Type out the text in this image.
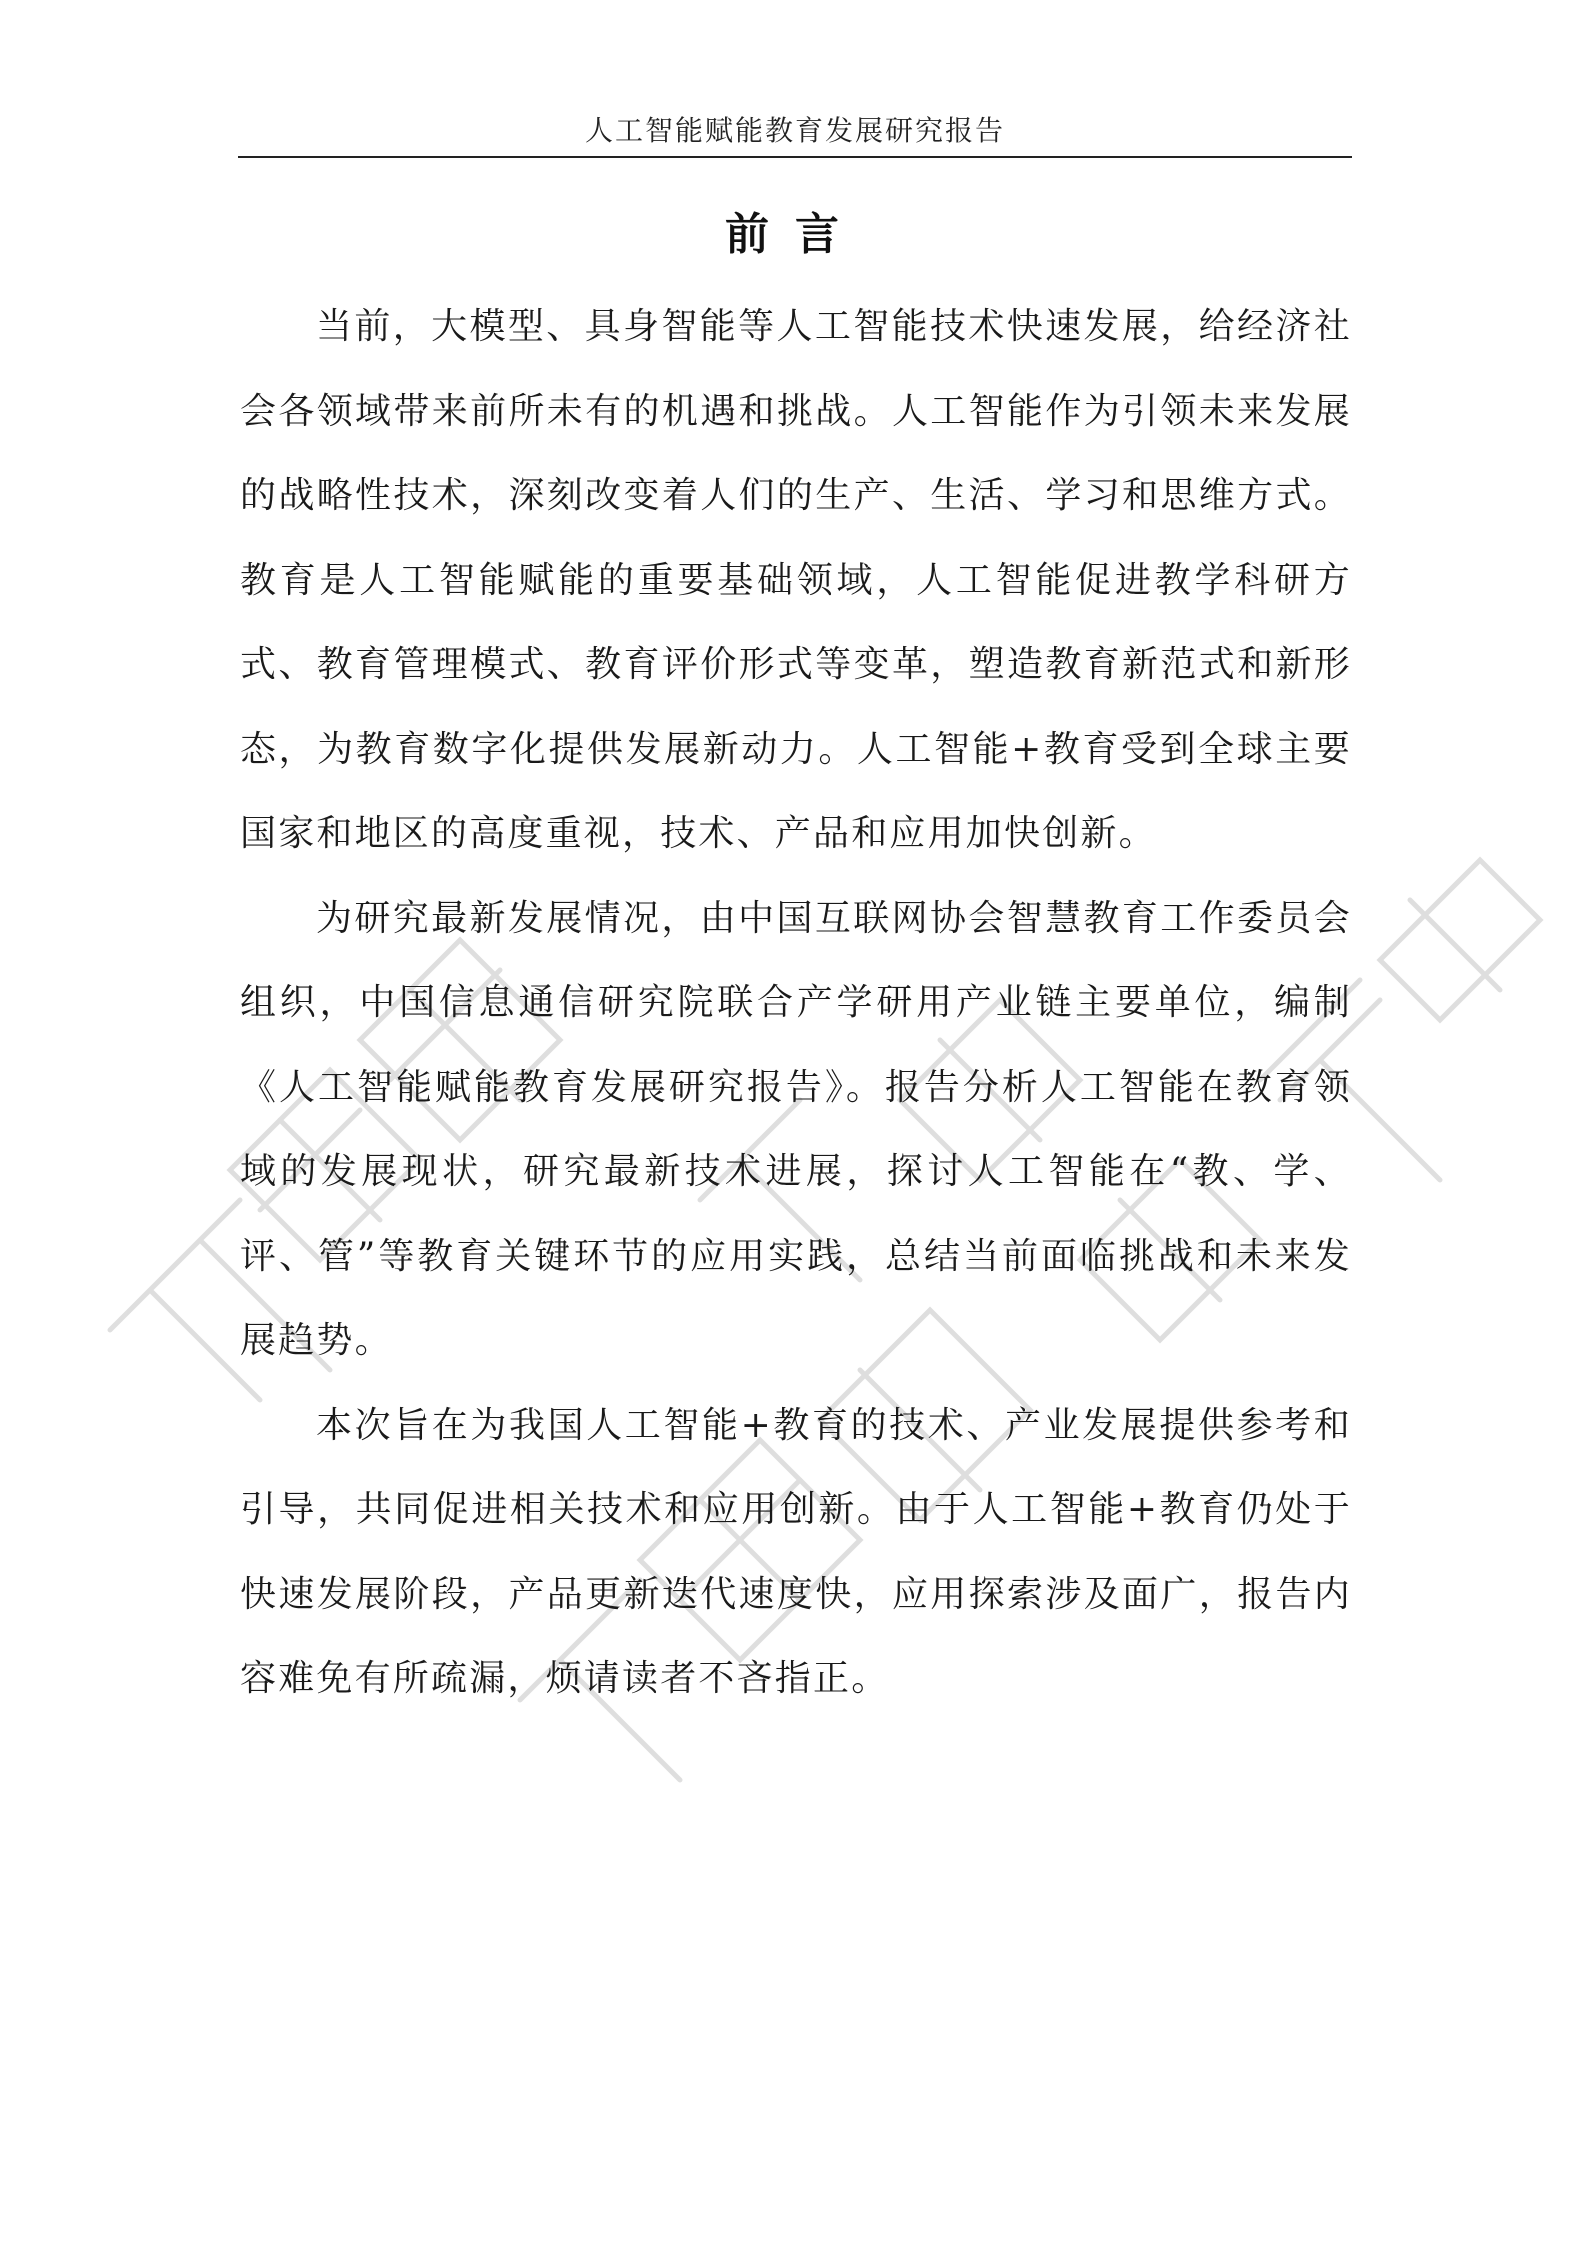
人工智能赋能教育发展研究报告
前言

当前，大模型、具身智能等人工智能技术快速发展，给经济社会各领域带来前所未有的机遇和挑战。人工智能作为引领未来发展的战略性技术，深刻改变着人们的生产、生活、学习和思维方式。教育是人工智能赋能的重要基础领域，人工智能促进教学科研方式、教育管理模式、教育评价形式等变革，塑造教育新范式和新形态，为教育数字化提供发展新动力。人工智能+教育受到全球主要国家和地区的高度重视，技术、产品和应用加快创新。

为研究最新发展情况，由中国互联网协会智慧教育工作委员会组织，中国信息通信研究院联合产学研用产业链主要单位，编制《人工智能赋能教育发展研究报告》。报告分析人工智能在教育领域的发展现状，研究最新技术进展，探讨人工智能在“教、学、评、管”等教育关键环节的应用实践，总结当前面临挑战和未来发展趋势。

本次旨在为我国人工智能+教育的技术、产业发展提供参考和引导，共同促进相关技术和应用创新。由于人工智能+教育仍处于快速发展阶段，产品更新迭代速度快，应用探索涉及面广，报告内容难免有所疏漏，烦请读者不吝指正。
